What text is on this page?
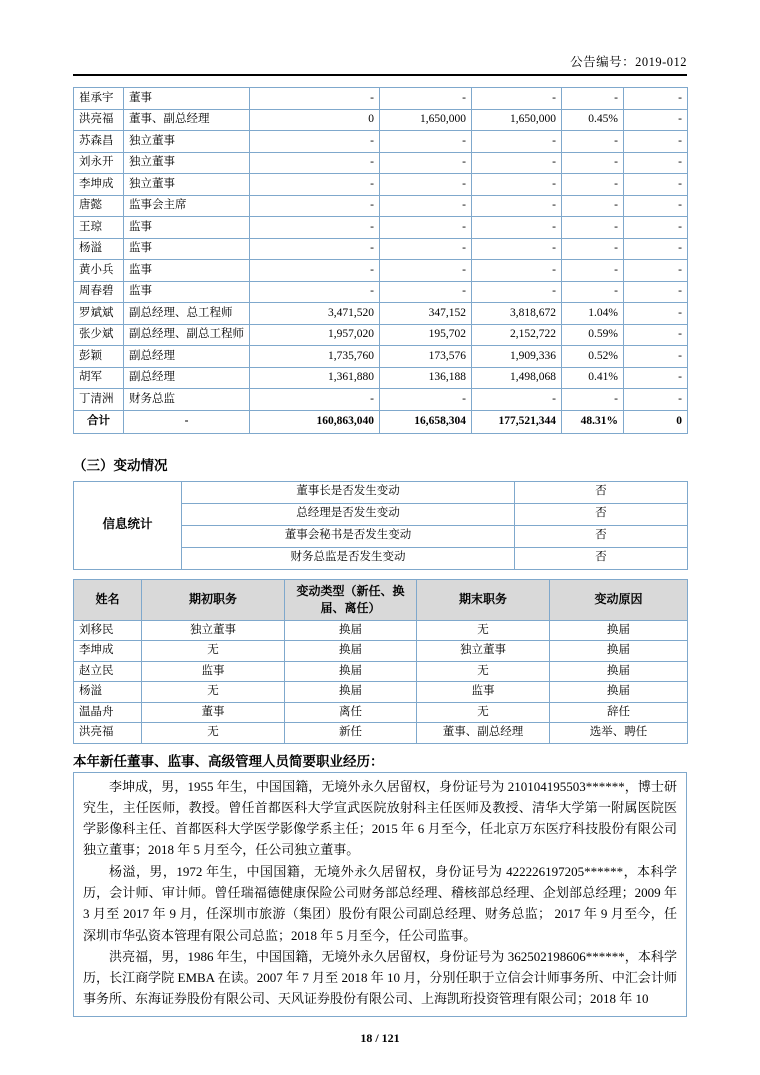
公告编号：2019-012
崔承宇	董事	-	-	-	-	-
洪亮福	董事、副总经理	0	1,650,000	1,650,000	0.45%	-
苏森昌	独立董事	-	-	-	-	-
刘永开	独立董事	-	-	-	-	-
李坤成	独立董事	-	-	-	-	-
唐懿	监事会主席	-	-	-	-	-
王琼	监事	-	-	-	-	-
杨溢	监事	-	-	-	-	-
黄小兵	监事	-	-	-	-	-
周春碧	监事	-	-	-	-	-
罗斌斌	副总经理、总工程师	3,471,520	347,152	3,818,672	1.04%	-
张少斌	副总经理、副总工程师	1,957,020	195,702	2,152,722	0.59%	-
彭颖	副总经理	1,735,760	173,576	1,909,336	0.52%	-
胡军	副总经理	1,361,880	136,188	1,498,068	0.41%	-
丁清洲	财务总监	-	-	-	-	-
合计	-	160,863,040	16,658,304	177,521,344	48.31%	0
（三）变动情况
信息统计	董事长是否发生变动	否
	总经理是否发生变动	否
	董事会秘书是否发生变动	否
	财务总监是否发生变动	否
姓名	期初职务	变动类型（新任、换届、离任）	期末职务	变动原因
刘移民	独立董事	换届	无	换届
李坤成	无	换届	独立董事	换届
赵立民	监事	换届	无	换届
杨溢	无	换届	监事	换届
温晶舟	董事	离任	无	辞任
洪亮福	无	新任	董事、副总经理	选举、聘任
本年新任董事、监事、高级管理人员简要职业经历：

李坤成，男，1955 年生，中国国籍，无境外永久居留权，身份证号为 210104195503******，博士研究生，主任医师，教授。曾任首都医科大学宣武医院放射科主任医师及教授、清华大学第一附属医院医学影像科主任、首都医科大学医学影像学系主任；2015 年 6 月至今，任北京万东医疗科技股份有限公司独立董事；2018 年 5 月至今，任公司独立董事。

杨溢，男，1972 年生，中国国籍，无境外永久居留权，身份证号为 422226197205******，本科学历，会计师、审计师。曾任瑞福德健康保险公司财务部总经理、稽核部总经理、企划部总经理；2009 年 3 月至 2017 年 9 月，任深圳市旅游（集团）股份有限公司副总经理、财务总监； 2017 年 9 月至今，任深圳市华弘资本管理有限公司总监；2018 年 5 月至今，任公司监事。

洪亮福，男，1986 年生，中国国籍，无境外永久居留权，身份证号为 362502198606******，本科学历，长江商学院 EMBA 在读。2007 年 7 月至 2018 年 10 月，分别任职于立信会计师事务所、中汇会计师事务所、东海证券股份有限公司、天风证券股份有限公司、上海凯珩投资管理有限公司；2018 年 10

18 / 121
